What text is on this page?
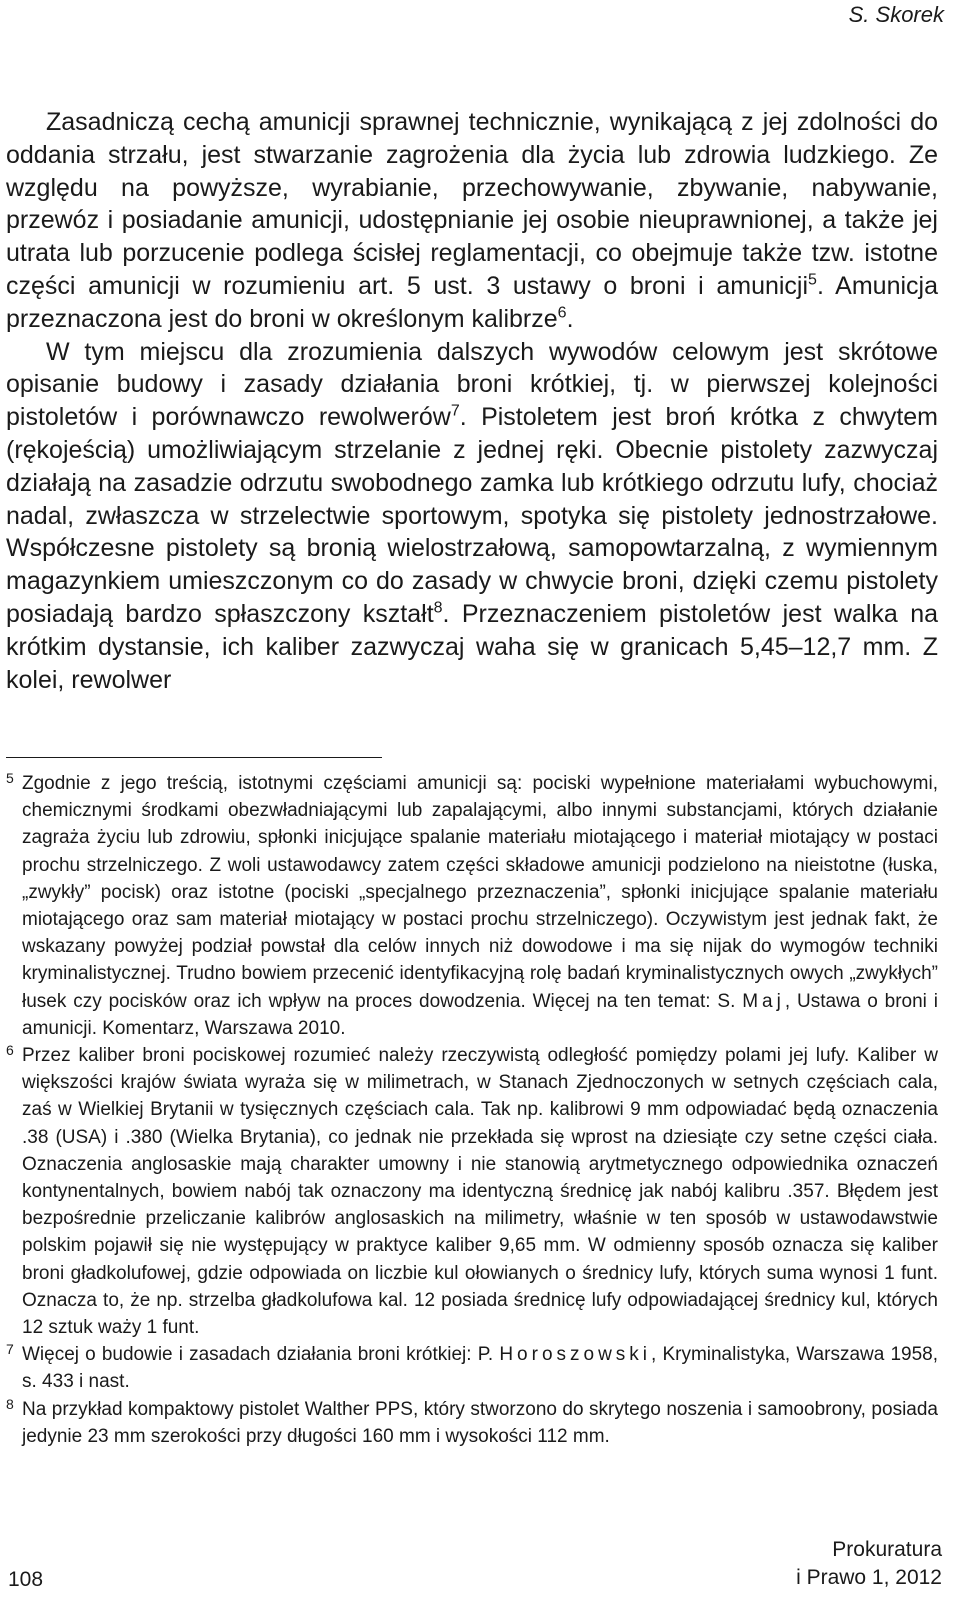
S. Skorek

Zasadniczą cechą amunicji sprawnej technicznie, wynikającą z jej zdolności do oddania strzału, jest stwarzanie zagrożenia dla życia lub zdrowia ludzkiego. Ze względu na powyższe, wyrabianie, przechowywanie, zbywanie, nabywanie, przewóz i posiadanie amunicji, udostępnianie jej osobie nieuprawnionej, a także jej utrata lub porzucenie podlega ścisłej reglamentacji, co obejmuje także tzw. istotne części amunicji w rozumieniu art. 5 ust. 3 ustawy o broni i amunicji$^5$. Amunicja przeznaczona jest do broni w określonym kalibrze$^6$.

W tym miejscu dla zrozumienia dalszych wywodów celowym jest skrótowe opisanie budowy i zasady działania broni krótkiej, tj. w pierwszej kolejności pistoletów i porównawczo rewolwerów$^7$. Pistoletem jest broń krótka z chwytem (rękojeścią) umożliwiającym strzelanie z jednej ręki. Obecnie pistolety zazwyczaj działają na zasadzie odrzutu swobodnego zamka lub krótkiego odrzutu lufy, chociaż nadal, zwłaszcza w strzelectwie sportowym, spotyka się pistolety jednostrzałowe. Współczesne pistolety są bronią wielostrzałową, samopowtarzalną, z wymiennym magazynkiem umieszczonym co do zasady w chwycie broni, dzięki czemu pistolety posiadają bardzo spłaszczony kształt$^8$. Przeznaczeniem pistoletów jest walka na krótkim dystansie, ich kaliber zazwyczaj waha się w granicach 5,45–12,7 mm. Z kolei, rewolwer

5 Zgodnie z jego treścią, istotnymi częściami amunicji są: pociski wypełnione materiałami wybuchowymi, chemicznymi środkami obezwładniającymi lub zapalającymi, albo innymi substancjami, których działanie zagraża życiu lub zdrowiu, spłonki inicjujące spalanie materiału miotającego i materiał miotający w postaci prochu strzelniczego. Z woli ustawodawcy zatem części składowe amunicji podzielono na nieistotne (łuska, „zwykły” pocisk) oraz istotne (pociski „specjalnego przeznaczenia”, spłonki inicjujące spalanie materiału miotającego oraz sam materiał miotający w postaci prochu strzelniczego). Oczywistym jest jednak fakt, że wskazany powyżej podział powstał dla celów innych niż dowodowe i ma się nijak do wymogów techniki kryminalistycznej. Trudno bowiem przecenić identyfikacyjną rolę badań kryminalistycznych owych „zwykłych” łusek czy pocisków oraz ich wpływ na proces dowodzenia. Więcej na ten temat: S. Maj, Ustawa o broni i amunicji. Komentarz, Warszawa 2010.
6 Przez kaliber broni pociskowej rozumieć należy rzeczywistą odległość pomiędzy polami jej lufy. Kaliber w większości krajów świata wyraża się w milimetrach, w Stanach Zjednoczonych w setnych częściach cala, zaś w Wielkiej Brytanii w tysięcznych częściach cala. Tak np. kalibrowi 9 mm odpowiadać będą oznaczenia .38 (USA) i .380 (Wielka Brytania), co jednak nie przekłada się wprost na dziesiąte czy setne części ciała. Oznaczenia anglosaskie mają charakter umowny i nie stanowią arytmetycznego odpowiednika oznaczeń kontynentalnych, bowiem nabój tak oznaczony ma identyczną średnicę jak nabój kalibru .357. Błędem jest bezpośrednie przeliczanie kalibrów anglosaskich na milimetry, właśnie w ten sposób w ustawodawstwie polskim pojawił się nie występujący w praktyce kaliber 9,65 mm. W odmienny sposób oznacza się kaliber broni gładkolufowej, gdzie odpowiada on liczbie kul ołowianych o średnicy lufy, których suma wynosi 1 funt. Oznacza to, że np. strzelba gładkolufowa kal. 12 posiada średnicę lufy odpowiadającej średnicy kul, których 12 sztuk waży 1 funt.
7 Więcej o budowie i zasadach działania broni krótkiej: P. Horoszowski, Kryminalistyka, Warszawa 1958, s. 433 i nast.
8 Na przykład kompaktowy pistolet Walther PPS, który stworzono do skrytego noszenia i samoobrony, posiada jedynie 23 mm szerokości przy długości 160 mm i wysokości 112 mm.
108
Prokuratura
i Prawo 1, 2012
